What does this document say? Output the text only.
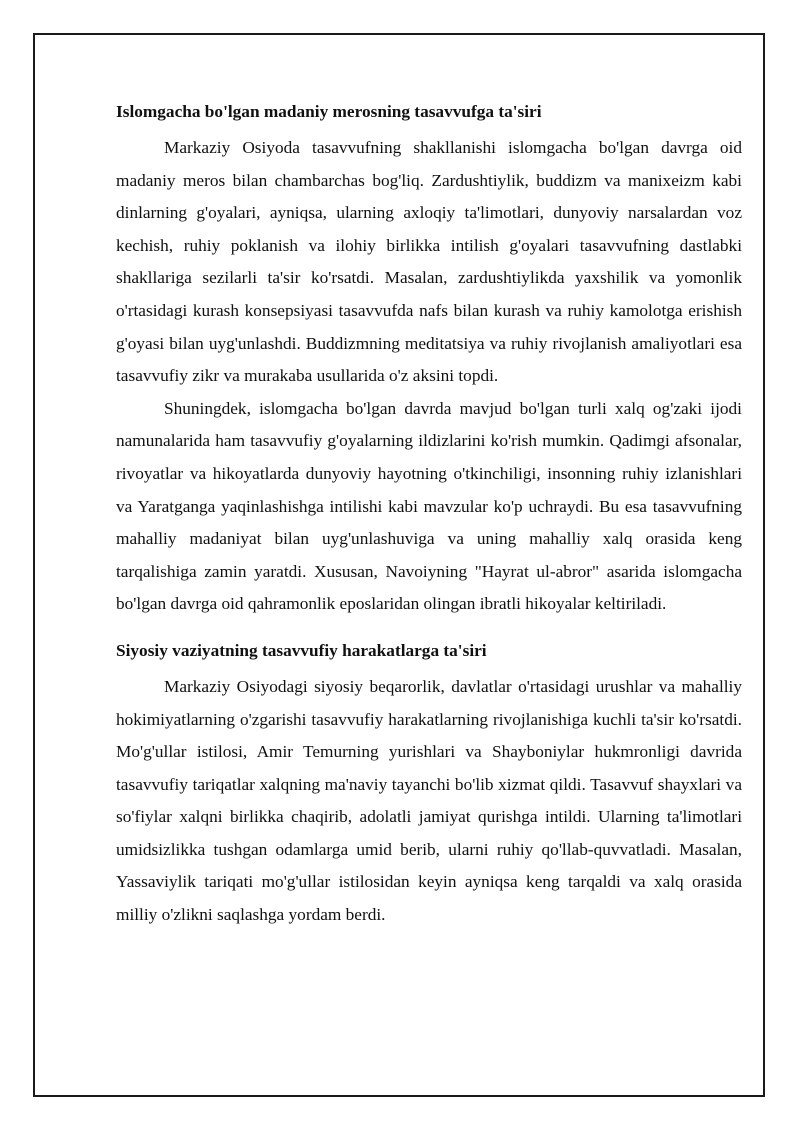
Islomgacha bo'lgan madaniy merosning tasavvufga ta'siri

Markaziy Osiyoda tasavvufning shakllanishi islomgacha bo'lgan davrga oid madaniy meros bilan chambarchas bog'liq. Zardushtiylik, buddizm va manixeizm kabi dinlarning g'oyalari, ayniqsa, ularning axloqiy ta'limotlari, dunyoviy narsalardan voz kechish, ruhiy poklanish va ilohiy birlikka intilish g'oyalari tasavvufning dastlabki shakllariga sezilarli ta'sir ko'rsatdi. Masalan, zardushtiylikda yaxshilik va yomonlik o'rtasidagi kurash konsepsiyasi tasavvufda nafs bilan kurash va ruhiy kamolotga erishish g'oyasi bilan uyg'unlashdi. Buddizmning meditatsiya va ruhiy rivojlanish amaliyotlari esa tasavvufiy zikr va murakaba usullarida o'z aksini topdi.

Shuningdek, islomgacha bo'lgan davrda mavjud bo'lgan turli xalq og'zaki ijodi namunalarida ham tasavvufiy g'oyalarning ildizlarini ko'rish mumkin. Qadimgi afsonalar, rivoyatlar va hikoyatlarda dunyoviy hayotning o'tkinchiligi, insonning ruhiy izlanishlari va Yaratganga yaqinlashishga intilishi kabi mavzular ko'p uchraydi. Bu esa tasavvufning mahalliy madaniyat bilan uyg'unlashuviga va uning mahalliy xalq orasida keng tarqalishiga zamin yaratdi. Xususan, Navoiyning "Hayrat ul-abror" asarida islomgacha bo'lgan davrga oid qahramonlik eposlaridan olingan ibratli hikoyalar keltiriladi.

Siyosiy vaziyatning tasavvufiy harakatlarga ta'siri

Markaziy Osiyodagi siyosiy beqarorlik, davlatlar o'rtasidagi urushlar va mahalliy hokimiyatlarning o'zgarishi tasavvufiy harakatlarning rivojlanishiga kuchli ta'sir ko'rsatdi. Mo'g'ullar istilosi, Amir Temurning yurishlari va Shayboniylar hukmronligi davrida tasavvufiy tariqatlar xalqning ma'naviy tayanchi bo'lib xizmat qildi. Tasavvuf shayxlari va so'fiylar xalqni birlikka chaqirib, adolatli jamiyat qurishga intildi. Ularning ta'limotlari umidsizlikka tushgan odamlarga umid berib, ularni ruhiy qo'llab-quvvatladi. Masalan, Yassaviylik tariqati mo'g'ullar istilosidan keyin ayniqsa keng tarqaldi va xalq orasida milliy o'zlikni saqlashga yordam berdi.
